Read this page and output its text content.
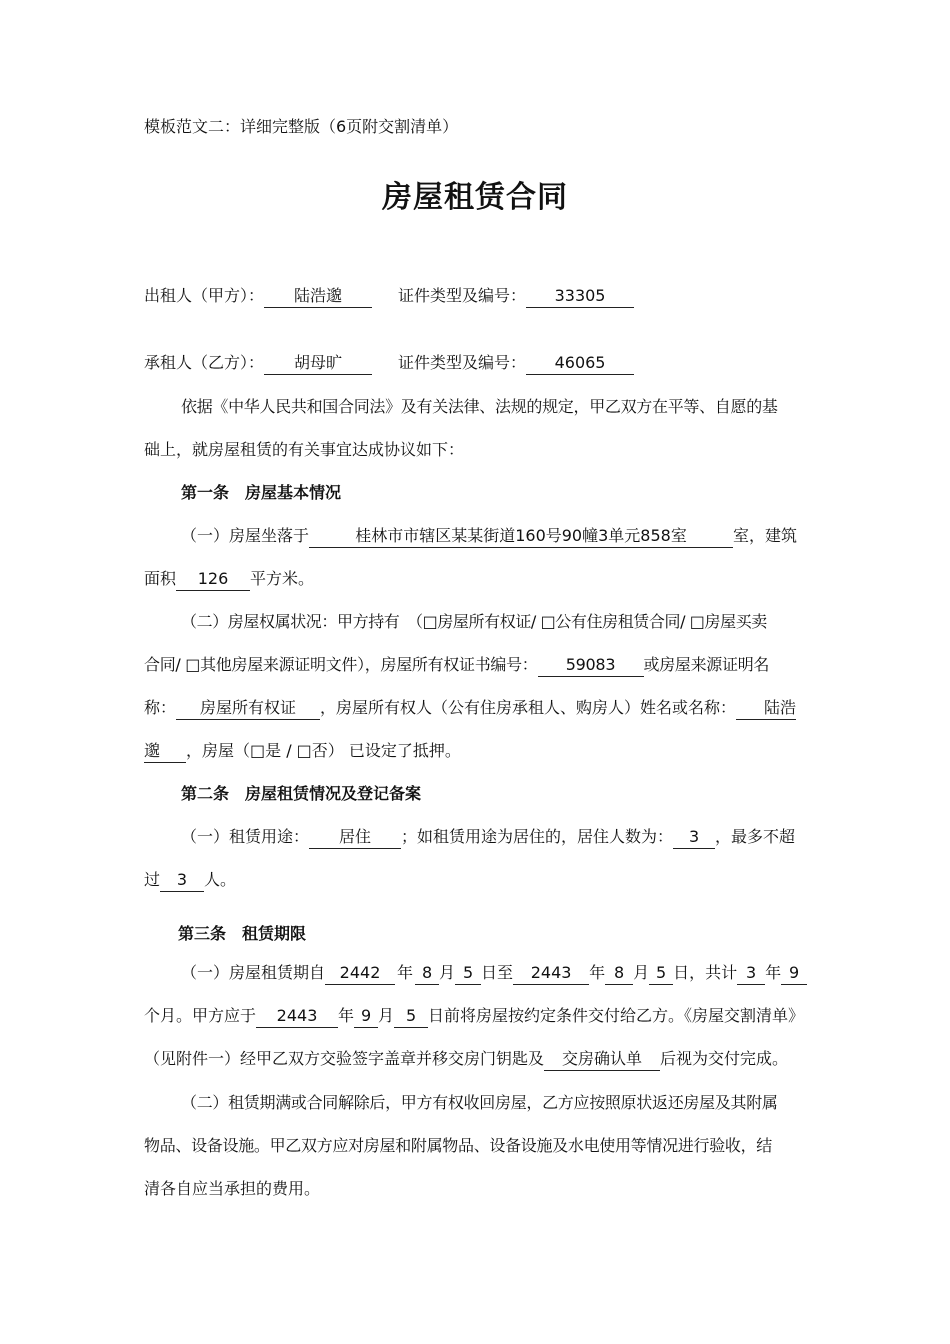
模板范文二：详细完整版（6页附交割清单）
房屋租赁合同
出租人（甲方）： 陆浩邈	证件类型及编号： 33305
承租人（乙方）： 胡母旷	证件类型及编号： 46065
依据《中华人民共和国合同法》及有关法律、法规的规定，甲乙双方在平等、自愿的基
础上，就房屋租赁的有关事宜达成协议如下：
第一条　房屋基本情况
（一）房屋坐落于	桂林市市辖区某某街道160号90幢3单元858室	室，建筑
面积 126 平方米。
（二）房屋权属状况：甲方持有　（□房屋所有权证/ □公有住房租赁合同/ □房屋买卖
合同/ □其他房屋来源证明文件），房屋所有权证书编号： 59083 或房屋来源证明名
称： 房屋所有权证 ，房屋所有权人（公有住房承租人、购房人）姓名或名称： 陆浩
邈 ，房屋（□是 / □否） 已设定了抵押。
第二条　房屋租赁情况及登记备案
（一）租赁用途： 居住 ；如租赁用途为居住的，居住人数为： 3 ，最多不超
过 3 人。
第三条　租赁期限
（一）房屋租赁期自 2442 年 8 月 5 日至 2443 年 8 月 5 日，共计 3 年 9
个月。甲方应于 2443 年 9 月 5 日前将房屋按约定条件交付给乙方。《房屋交割清单》
（见附件一）经甲乙双方交验签字盖章并移交房门钥匙及 交房确认单 后视为交付完成。
（二）租赁期满或合同解除后，甲方有权收回房屋，乙方应按照原状返还房屋及其附属
物品、设备设施。甲乙双方应对房屋和附属物品、设备设施及水电使用等情况进行验收，结
清各自应当承担的费用。
